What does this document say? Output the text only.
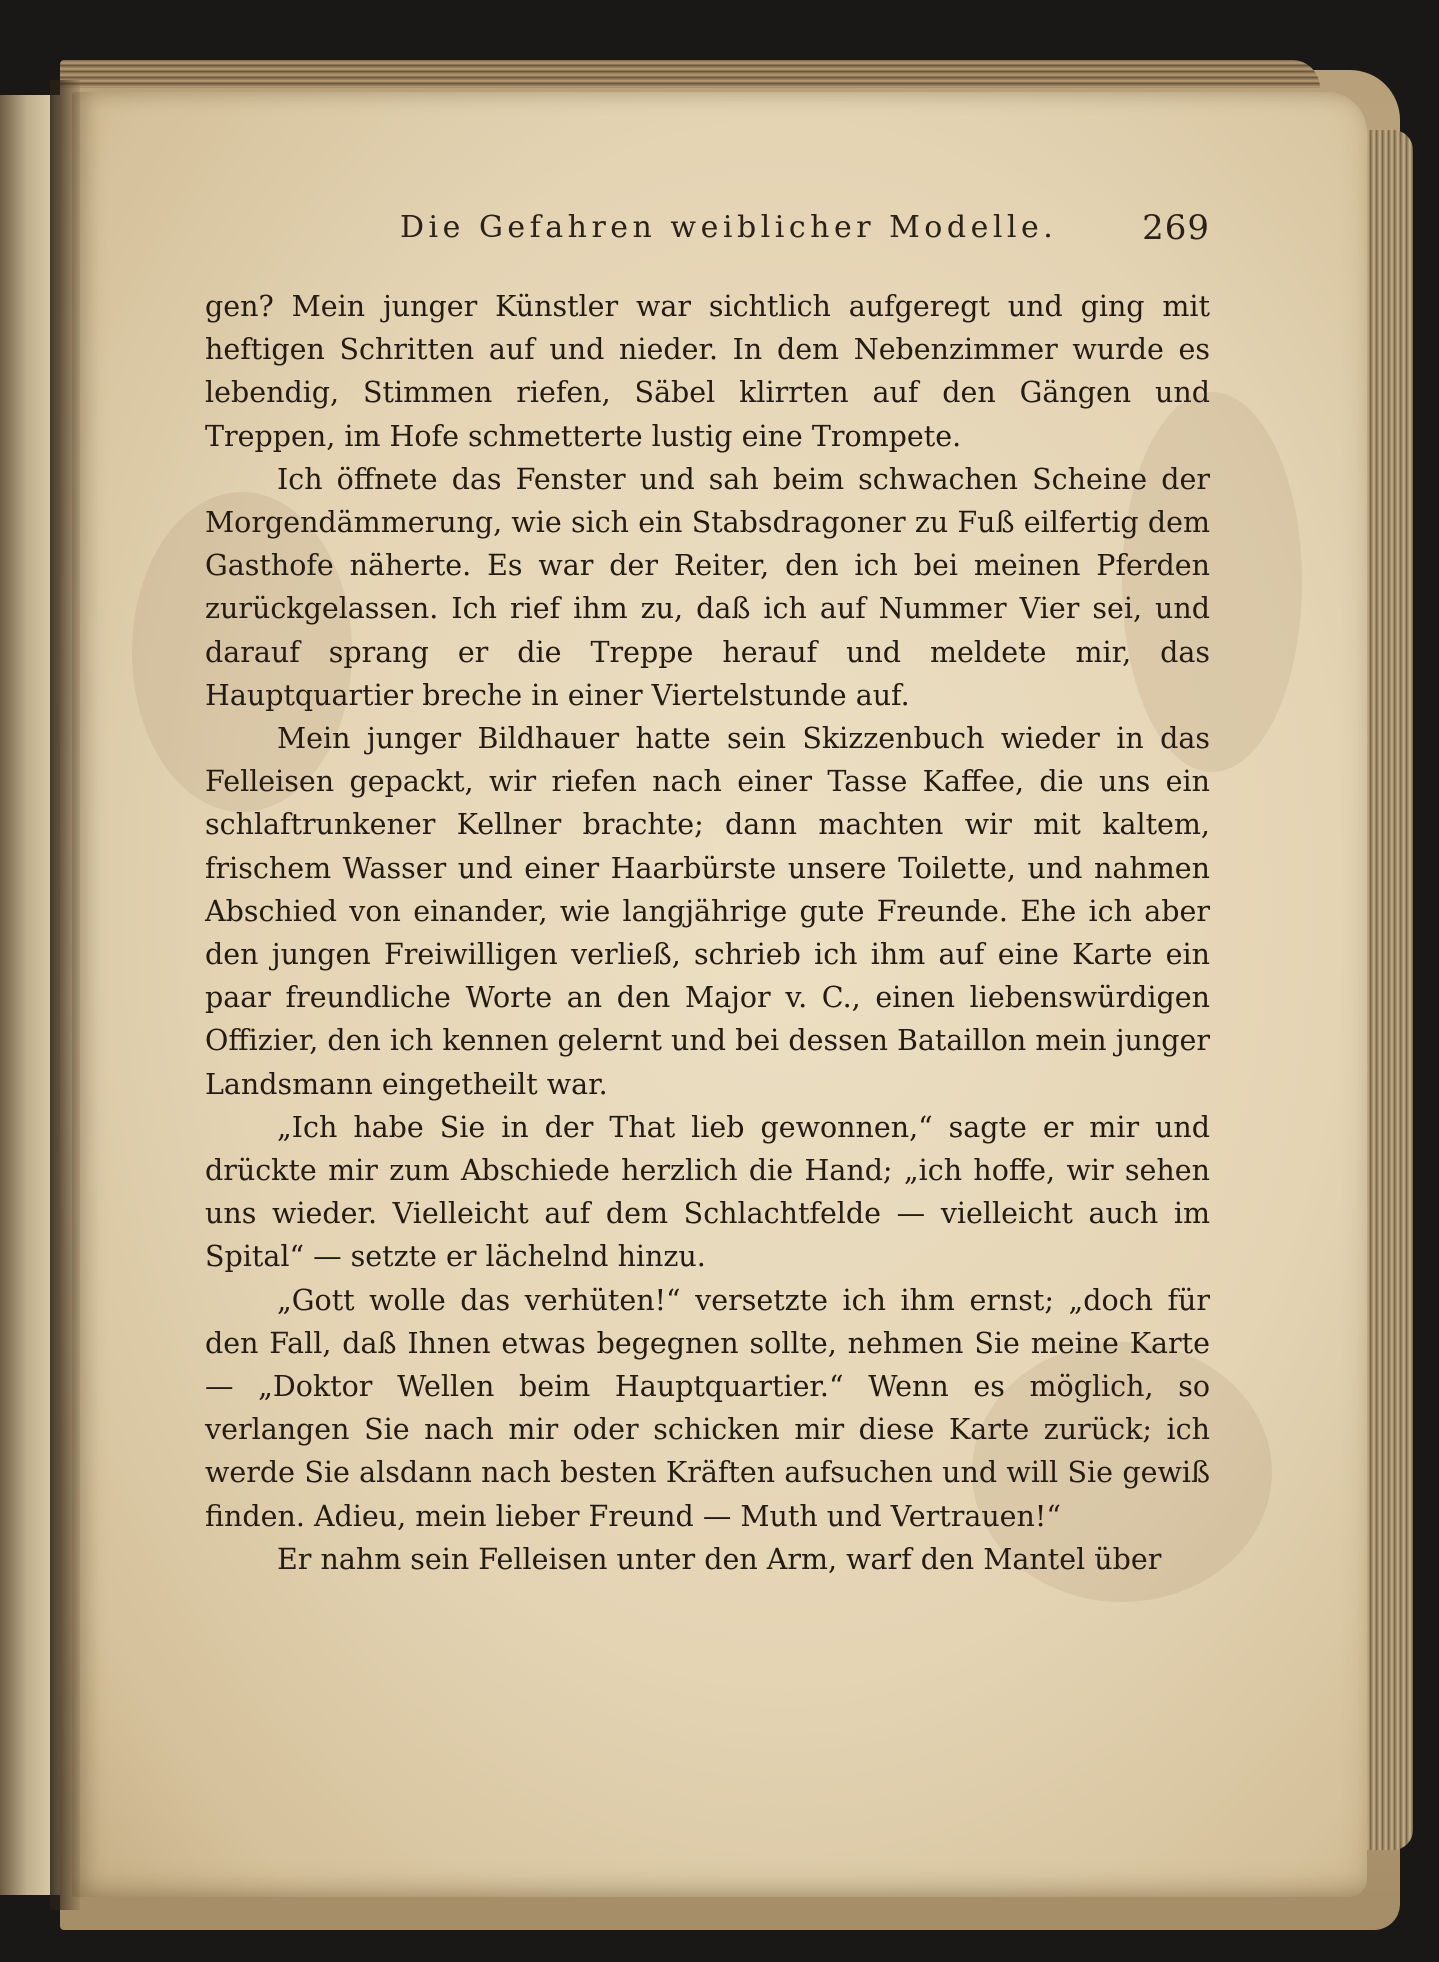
Die Gefahren weiblicher Modelle. 269

gen? Mein junger Künstler war sichtlich aufgeregt und ging mit heftigen Schritten auf und nieder. In dem Nebenzimmer wurde es lebendig, Stimmen riefen, Säbel klirrten auf den Gängen und Treppen, im Hofe schmetterte lustig eine Trompete.

Ich öffnete das Fenster und sah beim schwachen Scheine der Morgendämmerung, wie sich ein Stabsdragoner zu Fuß eilfertig dem Gasthofe näherte. Es war der Reiter, den ich bei meinen Pferden zurückgelassen. Ich rief ihm zu, daß ich auf Nummer Vier sei, und darauf sprang er die Treppe herauf und meldete mir, das Hauptquartier breche in einer Viertelstunde auf.

Mein junger Bildhauer hatte sein Skizzenbuch wieder in das Felleisen gepackt, wir riefen nach einer Tasse Kaffee, die uns ein schlaftrunkener Kellner brachte; dann machten wir mit kaltem, frischem Wasser und einer Haarbürste unsere Toilette, und nahmen Abschied von einander, wie langjährige gute Freunde. Ehe ich aber den jungen Freiwilligen verließ, schrieb ich ihm auf eine Karte ein paar freundliche Worte an den Major v. C., einen liebenswürdigen Offizier, den ich kennen gelernt und bei dessen Bataillon mein junger Landsmann eingetheilt war.

„Ich habe Sie in der That lieb gewonnen,“ sagte er mir und drückte mir zum Abschiede herzlich die Hand; „ich hoffe, wir sehen uns wieder. Vielleicht auf dem Schlachtfelde — vielleicht auch im Spital“ — setzte er lächelnd hinzu.

„Gott wolle das verhüten!“ versetzte ich ihm ernst; „doch für den Fall, daß Ihnen etwas begegnen sollte, nehmen Sie meine Karte — „Doktor Wellen beim Hauptquartier.“ Wenn es möglich, so verlangen Sie nach mir oder schicken mir diese Karte zurück; ich werde Sie alsdann nach besten Kräften aufsuchen und will Sie gewiß finden. Adieu, mein lieber Freund — Muth und Vertrauen!“

Er nahm sein Felleisen unter den Arm, warf den Mantel über
